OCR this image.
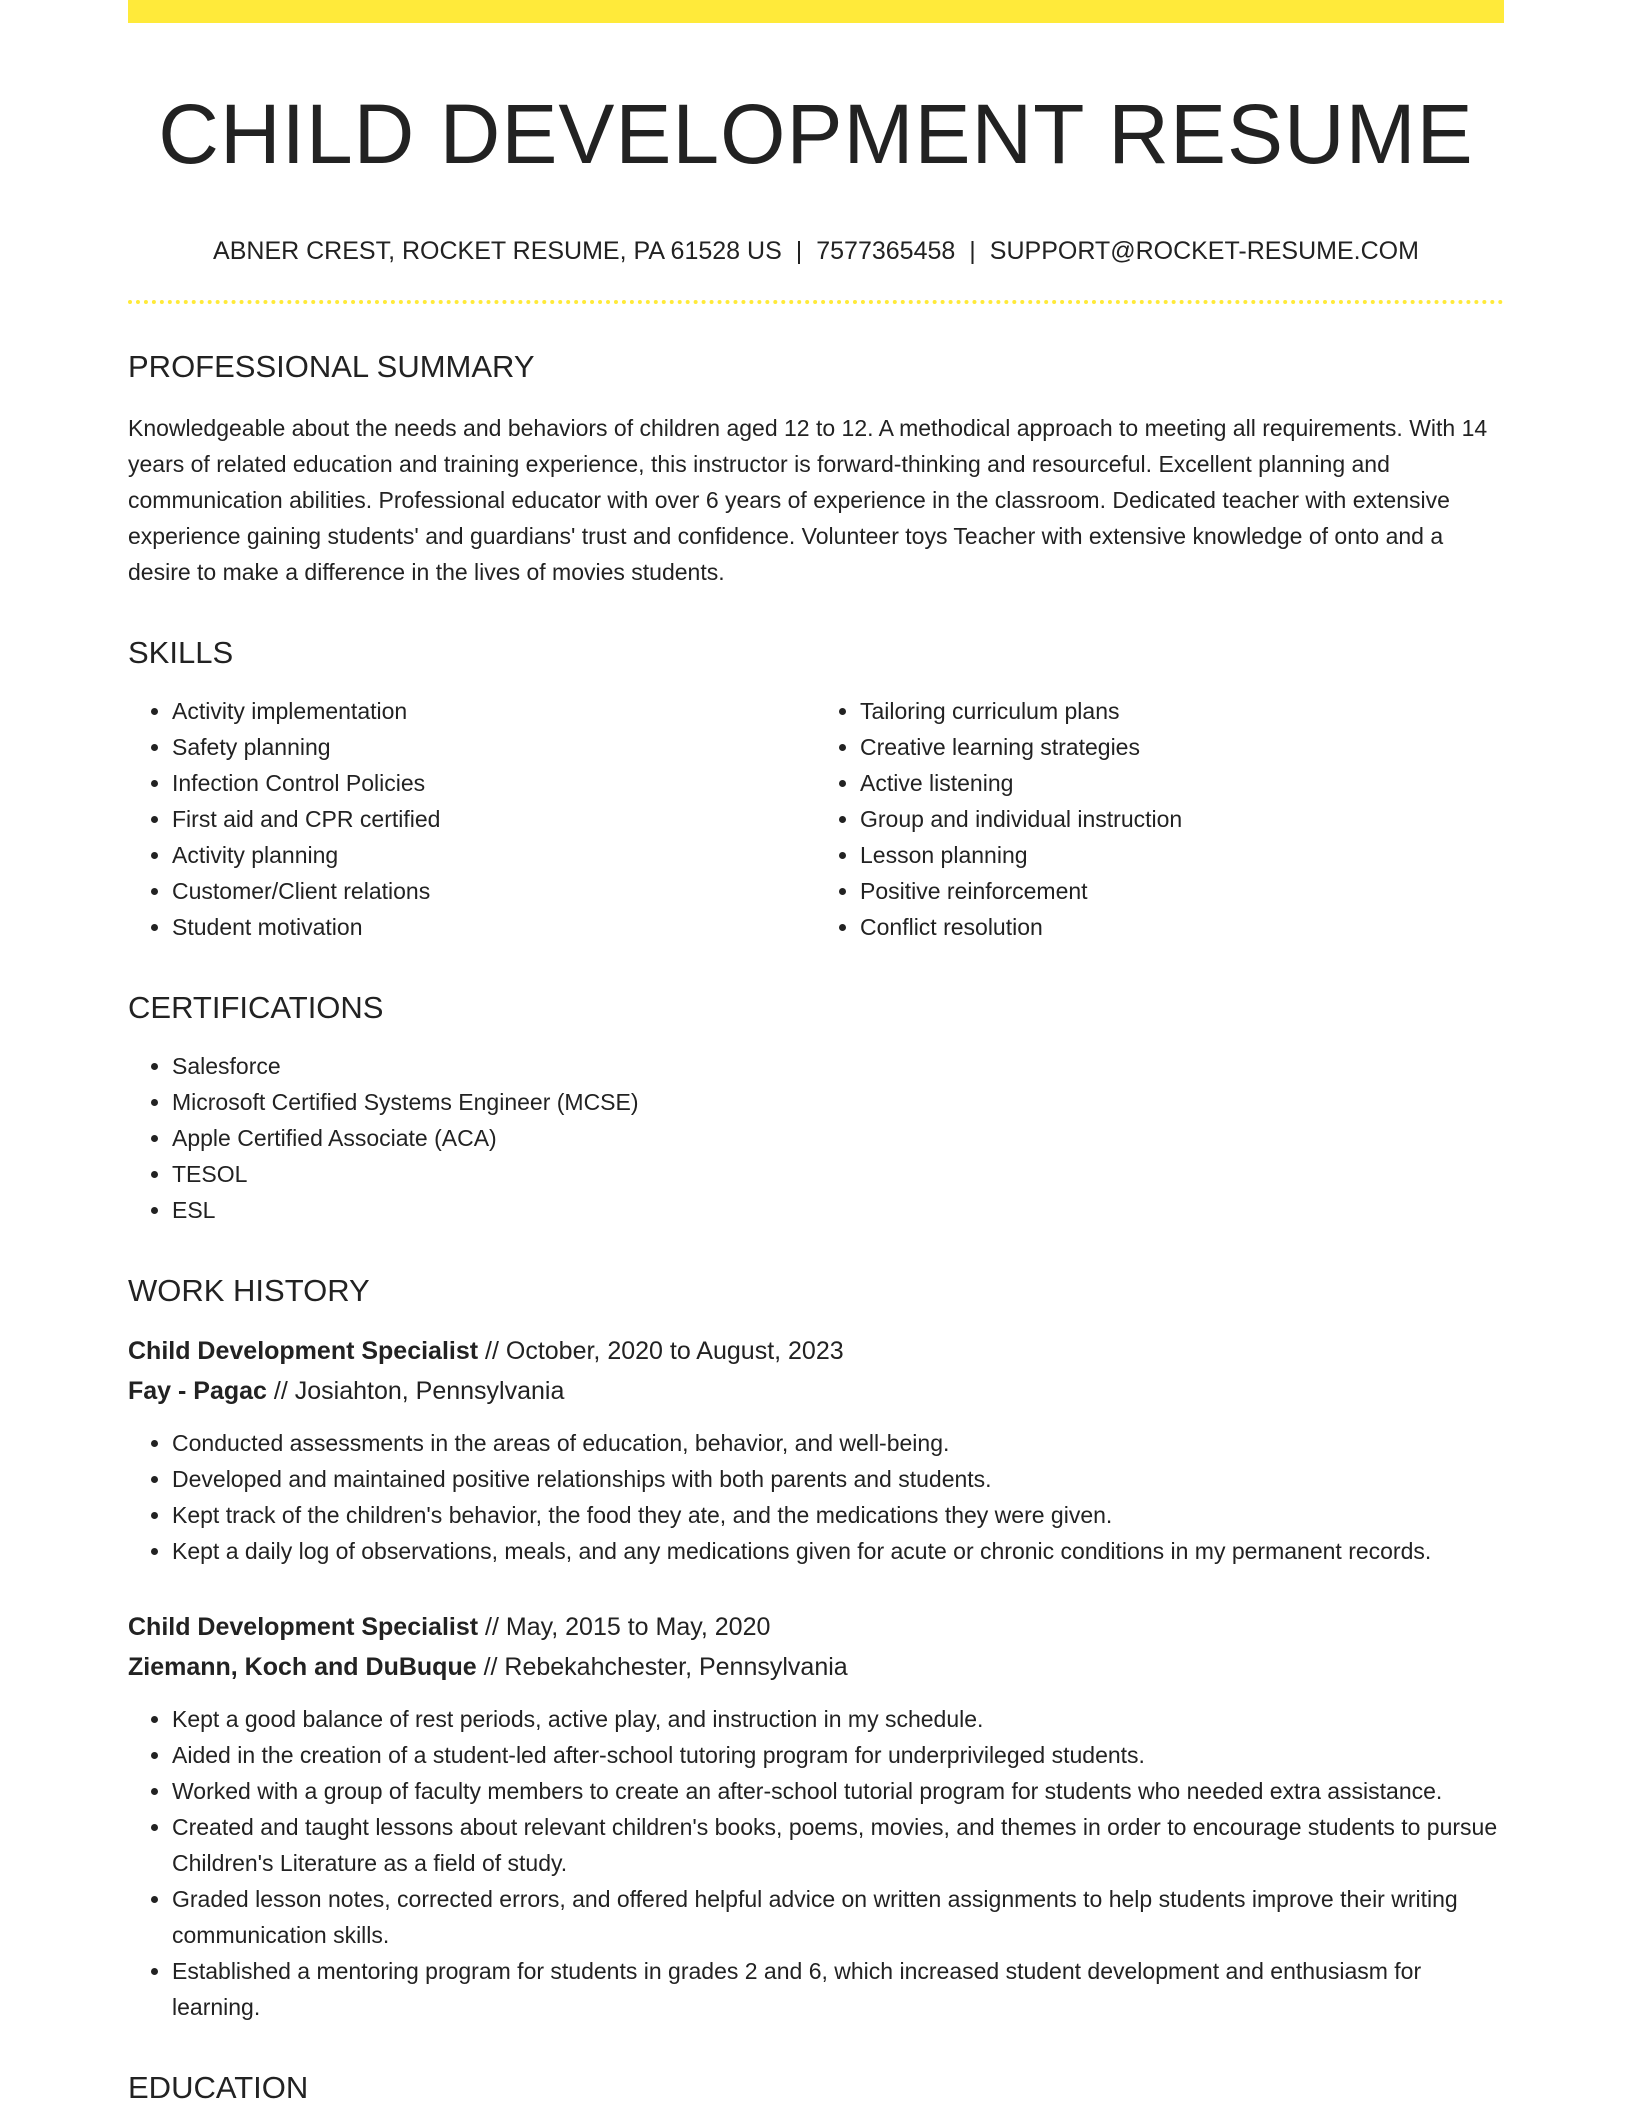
CHILD DEVELOPMENT RESUME
ABNER CREST, ROCKET RESUME, PA 61528 US | 7577365458 | SUPPORT@ROCKET-RESUME.COM
PROFESSIONAL SUMMARY

Knowledgeable about the needs and behaviors of children aged 12 to 12. A methodical approach to meeting all requirements. With 14 years of related education and training experience, this instructor is forward-thinking and resourceful. Excellent planning and communication abilities. Professional educator with over 6 years of experience in the classroom. Dedicated teacher with extensive experience gaining students' and guardians' trust and confidence. Volunteer toys Teacher with extensive knowledge of onto and a desire to make a difference in the lives of movies students.

SKILLS
• Activity implementation
• Safety planning
• Infection Control Policies
• First aid and CPR certified
• Activity planning
• Customer/Client relations
• Student motivation
• Tailoring curriculum plans
• Creative learning strategies
• Active listening
• Group and individual instruction
• Lesson planning
• Positive reinforcement
• Conflict resolution
CERTIFICATIONS
• Salesforce
• Microsoft Certified Systems Engineer (MCSE)
• Apple Certified Associate (ACA)
• TESOL
• ESL
WORK HISTORY
Child Development Specialist // October, 2020 to August, 2023
Fay - Pagac // Josiahton, Pennsylvania
• Conducted assessments in the areas of education, behavior, and well-being.
• Developed and maintained positive relationships with both parents and students.
• Kept track of the children's behavior, the food they ate, and the medications they were given.
• Kept a daily log of observations, meals, and any medications given for acute or chronic conditions in my permanent records.
Child Development Specialist // May, 2015 to May, 2020
Ziemann, Koch and DuBuque // Rebekahchester, Pennsylvania
• Kept a good balance of rest periods, active play, and instruction in my schedule.
• Aided in the creation of a student-led after-school tutoring program for underprivileged students.
• Worked with a group of faculty members to create an after-school tutorial program for students who needed extra assistance.
• Created and taught lessons about relevant children's books, poems, movies, and themes in order to encourage students to pursue Children's Literature as a field of study.
• Graded lesson notes, corrected errors, and offered helpful advice on written assignments to help students improve their writing communication skills.
• Established a mentoring program for students in grades 2 and 6, which increased student development and enthusiasm for learning.
EDUCATION
